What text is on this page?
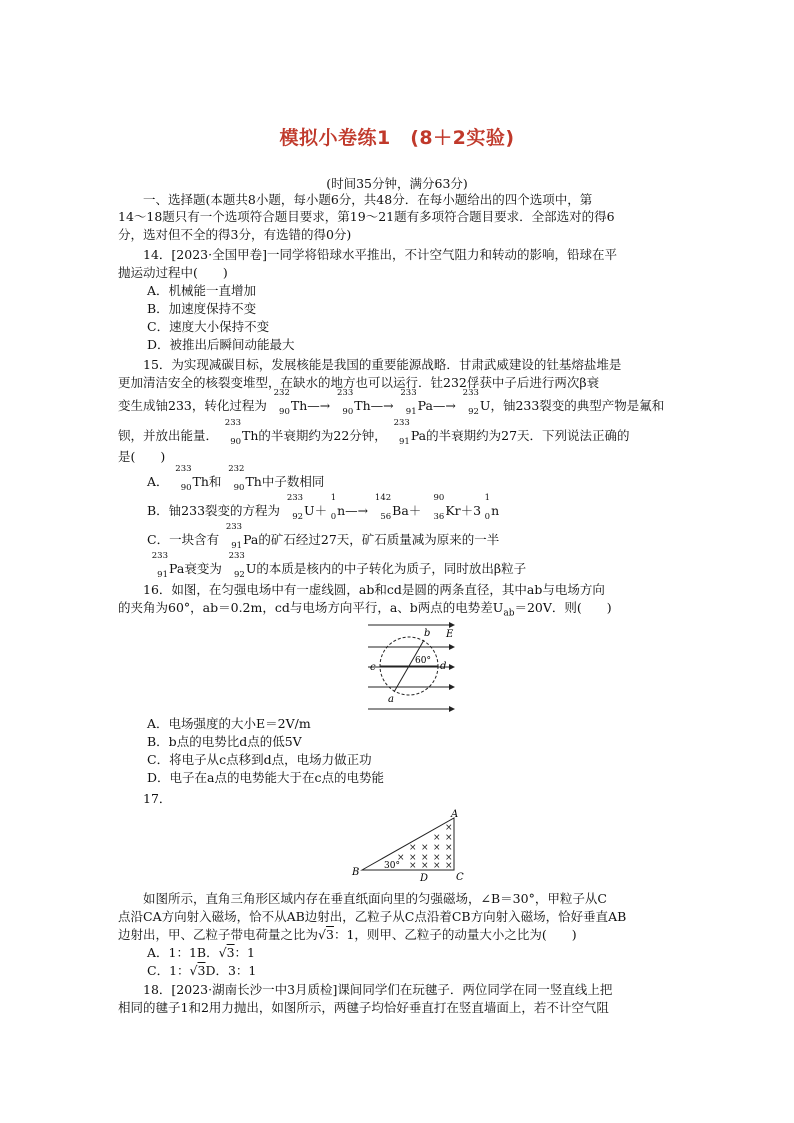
模拟小卷练1　(8＋2实验)
(时间35分钟，满分63分)
一、选择题(本题共8小题，每小题6分，共48分．在每小题给出的四个选项中，第
14～18题只有一个选项符合题目要求，第19～21题有多项符合题目要求．全部选对的得6
分，选对但不全的得3分，有选错的得0分)
14．[2023·全国甲卷]一同学将铅球水平推出，不计空气阻力和转动的影响，铅球在平
抛运动过程中(　　)
A．机械能一直增加
B．加速度保持不变
C．速度大小保持不变
D．被推出后瞬间动能最大
15．为实现减碳目标，发展核能是我国的重要能源战略．甘肃武威建设的钍基熔盐堆是
更加清洁安全的核裂变堆型，在缺水的地方也可以运行．钍232俘获中子后进行两次β衰
变生成铀233，转化过程为
232
90 Th—→
233
90 Th—→
233
91 Pa—→
233
92 U，铀233裂变的典型产物是氟和
钡，并放出能量．
233
90 Th的半衰期约为22分钟，
233
91 Pa的半衰期约为27天．下列说法正确的
是(　　)
A．
233
90 Th和
232
90 Th中子数相同
B．铀233裂变的方程为
233
92 U＋
1
0 n—→
142
56 Ba＋
90
36 Kr＋3
1
0 n
C．一块含有
233
91 Pa的矿石经过27天，矿石质量减为原来的一半
233
91 Pa衰变为
233
92 U的本质是核内的中子转化为质子，同时放出β粒子
16．如图，在匀强电场中有一虚线圆，ab和cd是圆的两条直径，其中ab与电场方向
的夹角为60°，ab＝0.2m，cd与电场方向平行，a、b两点的电势差$U_{ab}=20V$．则(　　)
b E
c	d
a
60°
A．电场强度的大小E＝2V/m
B．b点的电势比d点的低5V
C．将电子从c点移到d点，电场力做正功
D．电子在a点的电势能大于在c点的电势能
17．
A
B	C
D
30°
×
× ×
× × × ×
× × × × ×
× × × ×
如图所示，直角三角形区域内存在垂直纸面向里的匀强磁场，∠B＝30°，甲粒子从C
点沿CA方向射入磁场，恰不从AB边射出，乙粒子从C点沿着CB方向射入磁场，恰好垂直AB
边射出，甲、乙粒子带电荷量之比为√3：1，则甲、乙粒子的动量大小之比为(　　)
A．1：1B．√3：1
C．1：√3D．3：1
18．[2023·湖南长沙一中3月质检]课间同学们在玩毽子．两位同学在同一竖直线上把
相同的毽子1和2用力抛出，如图所示，两毽子均恰好垂直打在竖直墙面上，若不计空气阻
